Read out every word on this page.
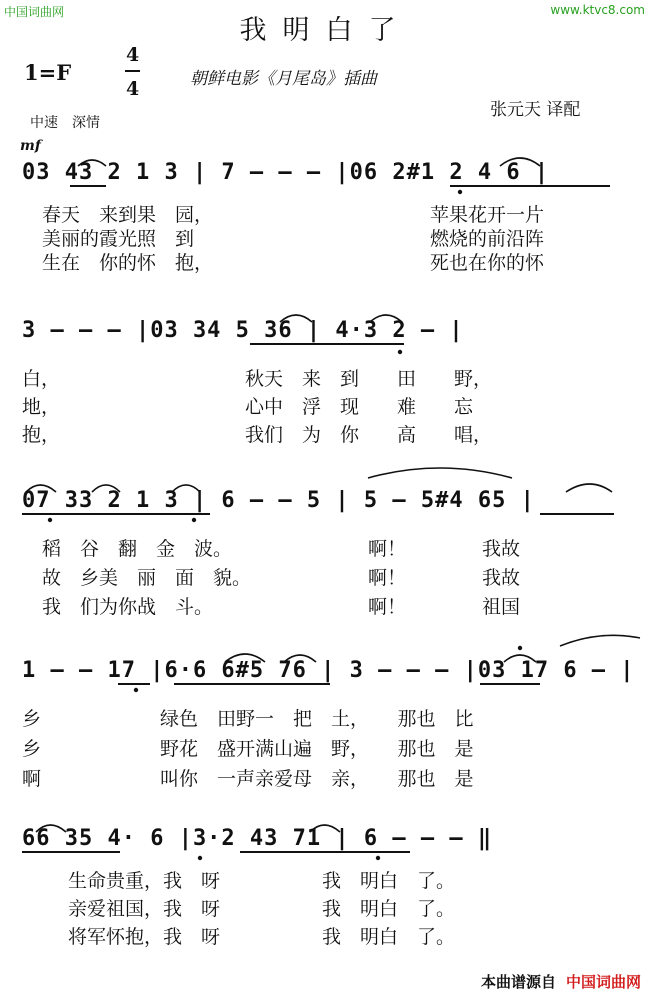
中国词曲网	www.ktvc8.com
我明白了
1=F
4
4	朝鲜电影《月尾岛》插曲
张元天 译配
中速　深情
mf
03 43 2 1 3 | 7 — — — |06 2#1 2 4 6 |
春天　来到果　园，	苹果花开一片
美丽的霞光照　到	燃烧的前沿阵
生在　你的怀　抱，	死也在你的怀
3 — — — |03 34 5 36 | 4·3 2 — |
白，	秋天　来　到　　田　　野，
地，	心中　浮　现　　难　　忘
抱，	我们　为　你　　高　　唱，
07 33 2 1 3 | 6 — — 5 | 5 — 5#4 65 |
稻　谷　翻　金　波。	啊！　　　　我故
故　乡美　丽　面　貌。	啊！　　　　我故
我　们为你战　斗。	啊！　　　　祖国
1 — — 17 |6·6 6#5 76 | 3 — — — |03 17 6 — |
乡	绿色　田野一　把　土，　　那也　比
乡	野花　盛开满山遍　野，　　那也　是
啊	叫你　一声亲爱母　亲，　　那也　是
66 35 4· 6 |3·2 43 71 | 6 — — — ‖
生命贵重，我　呀	我　明白　了。
亲爱祖国，我　呀	我　明白　了。
将军怀抱，我　呀	我　明白　了。
本曲谱源自 中国词曲网
